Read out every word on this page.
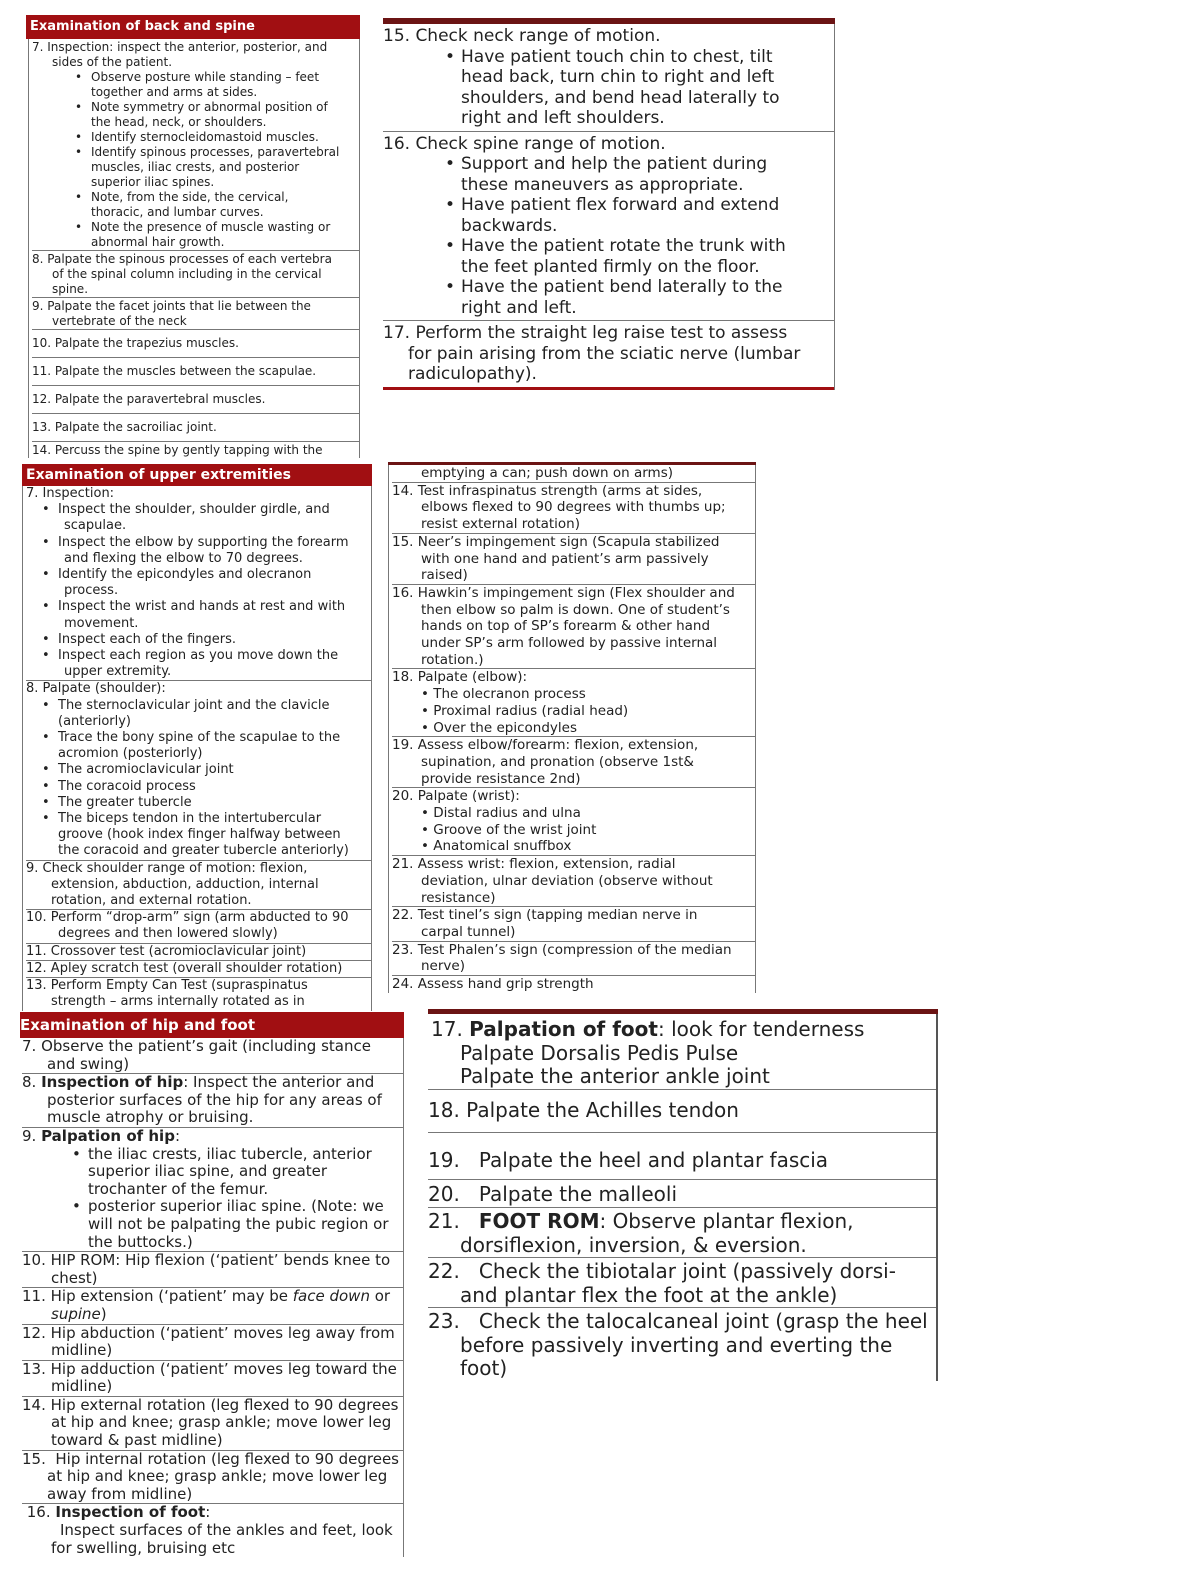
Examination of back and spine
7. Inspection: inspect the anterior, posterior, and
sides of the patient.
• Observe posture while standing – feet
together and arms at sides.
• Note symmetry or abnormal position of
the head, neck, or shoulders.
• Identify sternocleidomastoid muscles.
• Identify spinous processes, paravertebral
muscles, iliac crests, and posterior
superior iliac spines.
• Note, from the side, the cervical,
thoracic, and lumbar curves.
• Note the presence of muscle wasting or
abnormal hair growth.
8. Palpate the spinous processes of each vertebra
of the spinal column including in the cervical
spine.
9. Palpate the facet joints that lie between the
vertebrate of the neck
10. Palpate the trapezius muscles.
11. Palpate the muscles between the scapulae.
12. Palpate the paravertebral muscles.
13. Palpate the sacroiliac joint.
14. Percuss the spine by gently tapping with the
15. Check neck range of motion.
• Have patient touch chin to chest, tilt
head back, turn chin to right and left
shoulders, and bend head laterally to
right and left shoulders.
16. Check spine range of motion.
• Support and help the patient during
these maneuvers as appropriate.
• Have patient flex forward and extend
backwards.
• Have the patient rotate the trunk with
the feet planted firmly on the floor.
• Have the patient bend laterally to the
right and left.
17. Perform the straight leg raise test to assess
for pain arising from the sciatic nerve (lumbar
radiculopathy).
Examination of upper extremities
7. Inspection:
• Inspect the shoulder, shoulder girdle, and
scapulae.
• Inspect the elbow by supporting the forearm
and flexing the elbow to 70 degrees.
• Identify the epicondyles and olecranon
process.
• Inspect the wrist and hands at rest and with
movement.
• Inspect each of the fingers.
• Inspect each region as you move down the
upper extremity.
8. Palpate (shoulder):
• The sternoclavicular joint and the clavicle
(anteriorly)
• Trace the bony spine of the scapulae to the
acromion (posteriorly)
• The acromioclavicular joint
• The coracoid process
• The greater tubercle
• The biceps tendon in the intertubercular
groove (hook index finger halfway between
the coracoid and greater tubercle anteriorly)
9. Check shoulder range of motion: flexion,
extension, abduction, adduction, internal
rotation, and external rotation.
10. Perform “drop-arm” sign (arm abducted to 90
degrees and then lowered slowly)
11. Crossover test (acromioclavicular joint)
12. Apley scratch test (overall shoulder rotation)
13. Perform Empty Can Test (supraspinatus
strength – arms internally rotated as in
emptying a can; push down on arms)
14. Test infraspinatus strength (arms at sides,
elbows flexed to 90 degrees with thumbs up;
resist external rotation)
15. Neer’s impingement sign (Scapula stabilized
with one hand and patient’s arm passively
raised)
16. Hawkin’s impingement sign (Flex shoulder and
then elbow so palm is down. One of student’s
hands on top of SP’s forearm & other hand
under SP’s arm followed by passive internal
rotation.)
18. Palpate (elbow):
• The olecranon process
• Proximal radius (radial head)
• Over the epicondyles
19. Assess elbow/forearm: flexion, extension,
supination, and pronation (observe 1st&
provide resistance 2nd)
20. Palpate (wrist):
• Distal radius and ulna
• Groove of the wrist joint
• Anatomical snuffbox
21. Assess wrist: flexion, extension, radial
deviation, ulnar deviation (observe without
resistance)
22. Test tinel’s sign (tapping median nerve in
carpal tunnel)
23. Test Phalen’s sign (compression of the median
nerve)
24. Assess hand grip strength
Examination of hip and foot
7. Observe the patient’s gait (including stance
and swing)
8. Inspection of hip: Inspect the anterior and
posterior surfaces of the hip for any areas of
muscle atrophy or bruising.
9. Palpation of hip:
• the iliac crests, iliac tubercle, anterior
superior iliac spine, and greater
trochanter of the femur.
• posterior superior iliac spine. (Note: we
will not be palpating the pubic region or
the buttocks.)
10. HIP ROM: Hip flexion (‘patient’ bends knee to
chest)
11. Hip extension (‘patient’ may be face down or
supine)
12. Hip abduction (‘patient’ moves leg away from
midline)
13. Hip adduction (‘patient’ moves leg toward the
midline)
14. Hip external rotation (leg flexed to 90 degrees
at hip and knee; grasp ankle; move lower leg
toward & past midline)
15.  Hip internal rotation (leg flexed to 90 degrees
at hip and knee; grasp ankle; move lower leg
away from midline)
16. Inspection of foot:
Inspect surfaces of the ankles and feet, look
for swelling, bruising etc
17. Palpation of foot: look for tenderness
Palpate Dorsalis Pedis Pulse
Palpate the anterior ankle joint
18. Palpate the Achilles tendon
19.   Palpate the heel and plantar fascia
20.   Palpate the malleoli
21.   FOOT ROM: Observe plantar flexion,
dorsiflexion, inversion, & eversion.
22.   Check the tibiotalar joint (passively dorsi-
and plantar flex the foot at the ankle)
23.   Check the talocalcaneal joint (grasp the heel
before passively inverting and everting the
foot)
